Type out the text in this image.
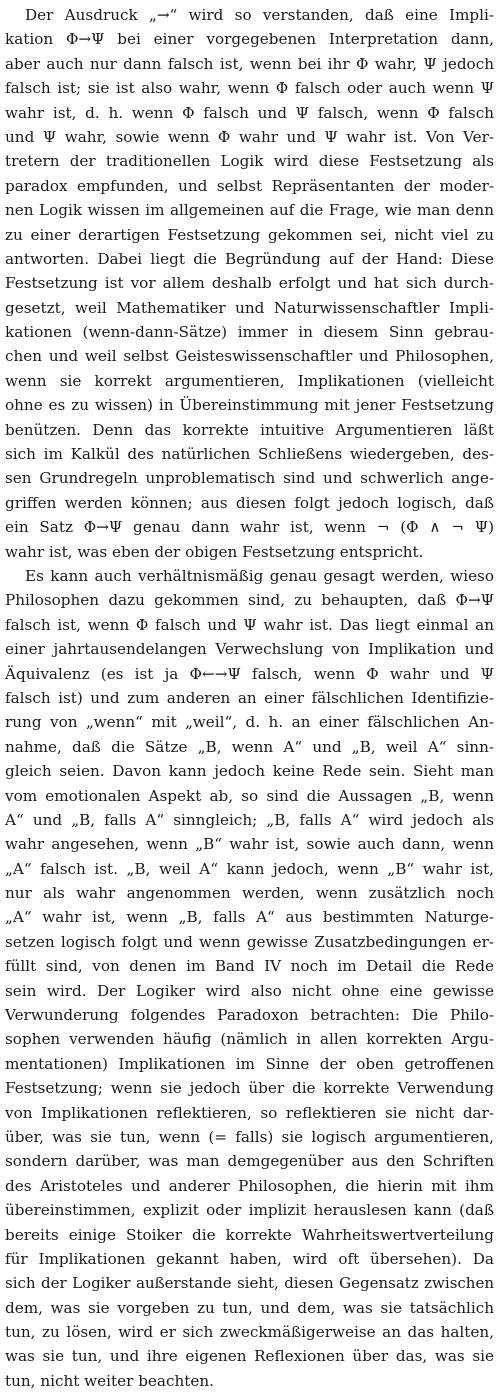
Der Ausdruck „→“ wird so verstanden, daß eine Impli-
kation Φ→Ψ bei einer vorgegebenen Interpretation dann,
aber auch nur dann falsch ist, wenn bei ihr Φ wahr, Ψ jedoch
falsch ist; sie ist also wahr, wenn Φ falsch oder auch wenn Ψ
wahr ist, d. h. wenn Φ falsch und Ψ falsch, wenn Φ falsch
und Ψ wahr, sowie wenn Φ wahr und Ψ wahr ist. Von Ver-
tretern der traditionellen Logik wird diese Festsetzung als
paradox empfunden, und selbst Repräsentanten der moder-
nen Logik wissen im allgemeinen auf die Frage, wie man denn
zu einer derartigen Festsetzung gekommen sei, nicht viel zu
antworten. Dabei liegt die Begründung auf der Hand: Diese
Festsetzung ist vor allem deshalb erfolgt und hat sich durch-
gesetzt, weil Mathematiker und Naturwissenschaftler Impli-
kationen (wenn-dann-Sätze) immer in diesem Sinn gebrau-
chen und weil selbst Geisteswissenschaftler und Philosophen,
wenn sie korrekt argumentieren, Implikationen (vielleicht
ohne es zu wissen) in Übereinstimmung mit jener Festsetzung
benützen. Denn das korrekte intuitive Argumentieren läßt
sich im Kalkül des natürlichen Schließens wiedergeben, des-
sen Grundregeln unproblematisch sind und schwerlich ange-
griffen werden können; aus diesen folgt jedoch logisch, daß
ein Satz Φ→Ψ genau dann wahr ist, wenn ¬ (Φ ∧ ¬ Ψ)
wahr ist, was eben der obigen Festsetzung entspricht.
Es kann auch verhältnismäßig genau gesagt werden, wieso
Philosophen dazu gekommen sind, zu behaupten, daß Φ→Ψ
falsch ist, wenn Φ falsch und Ψ wahr ist. Das liegt einmal an
einer jahrtausendelangen Verwechslung von Implikation und
Äquivalenz (es ist ja Φ←→Ψ falsch, wenn Φ wahr und Ψ
falsch ist) und zum anderen an einer fälschlichen Identifizie-
rung von „wenn“ mit „weil“, d. h. an einer fälschlichen An-
nahme, daß die Sätze „B, wenn A“ und „B, weil A“ sinn-
gleich seien. Davon kann jedoch keine Rede sein. Sieht man
vom emotionalen Aspekt ab, so sind die Aussagen „B, wenn
A“ und „B, falls A“ sinngleich; „B, falls A“ wird jedoch als
wahr angesehen, wenn „B“ wahr ist, sowie auch dann, wenn
„A“ falsch ist. „B, weil A“ kann jedoch, wenn „B“ wahr ist,
nur als wahr angenommen werden, wenn zusätzlich noch
„A“ wahr ist, wenn „B, falls A“ aus bestimmten Naturge-
setzen logisch folgt und wenn gewisse Zusatzbedingungen er-
füllt sind, von denen im Band IV noch im Detail die Rede
sein wird. Der Logiker wird also nicht ohne eine gewisse
Verwunderung folgendes Paradoxon betrachten: Die Philo-
sophen verwenden häufig (nämlich in allen korrekten Argu-
mentationen) Implikationen im Sinne der oben getroffenen
Festsetzung; wenn sie jedoch über die korrekte Verwendung
von Implikationen reflektieren, so reflektieren sie nicht dar-
über, was sie tun, wenn (= falls) sie logisch argumentieren,
sondern darüber, was man demgegenüber aus den Schriften
des Aristoteles und anderer Philosophen, die hierin mit ihm
übereinstimmen, explizit oder implizit herauslesen kann (daß
bereits einige Stoiker die korrekte Wahrheitswertverteilung
für Implikationen gekannt haben, wird oft übersehen). Da
sich der Logiker außerstande sieht, diesen Gegensatz zwischen
dem, was sie vorgeben zu tun, und dem, was sie tatsächlich
tun, zu lösen, wird er sich zweckmäßigerweise an das halten,
was sie tun, und ihre eigenen Reflexionen über das, was sie
tun, nicht weiter beachten.
